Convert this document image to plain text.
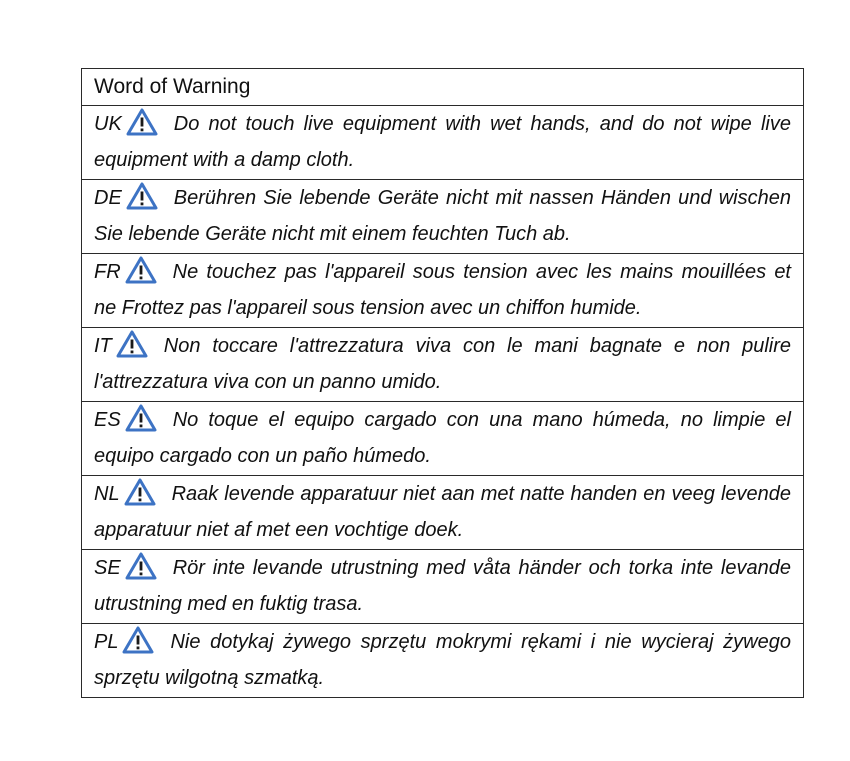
Word of Warning
UK	Do not touch live equipment with wet hands, and do not wipe live equipment with a damp cloth.
DE	Berühren Sie lebende Geräte nicht mit nassen Händen und wischen Sie lebende Geräte nicht mit einem feuchten Tuch ab.
FR	Ne touchez pas l'appareil sous tension avec les mains mouillées et ne Frottez pas l'appareil sous tension avec un chiffon humide.
IT	Non toccare l'attrezzatura viva con le mani bagnate e non pulire l'attrezzatura viva con un panno umido.
ES	No toque el equipo cargado con una mano húmeda, no limpie el equipo cargado con un paño húmedo.
NL	Raak levende apparatuur niet aan met natte handen en veeg levende apparatuur niet af met een vochtige doek.
SE	Rör inte levande utrustning med våta händer och torka inte levande utrustning med en fuktig trasa.
PL	Nie dotykaj żywego sprzętu mokrymi rękami i nie wycieraj żywego sprzętu wilgotną szmatką.
